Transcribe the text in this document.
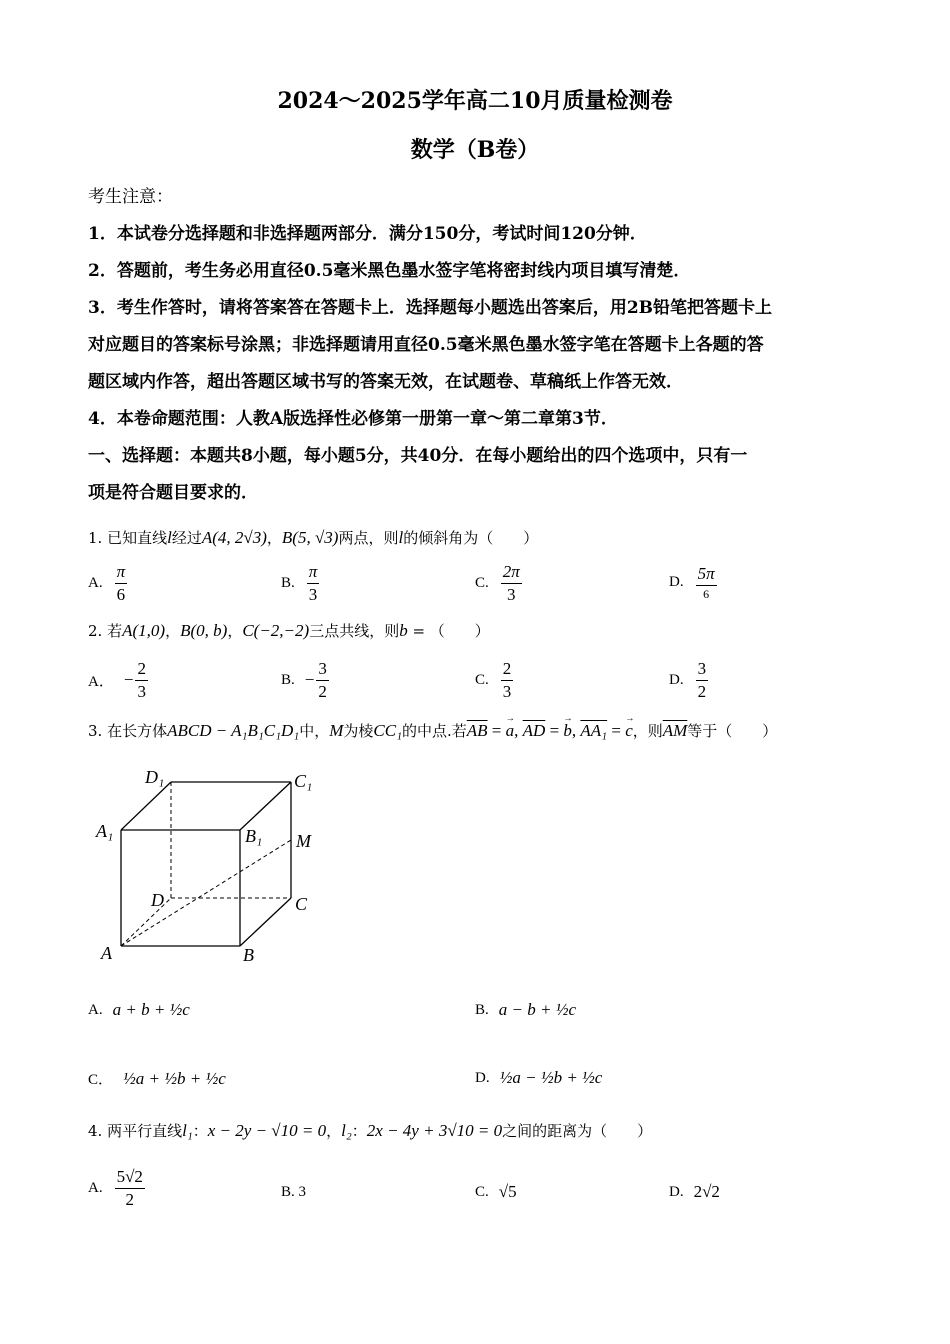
2024～2025学年高二10月质量检测卷
数学（B卷）
考生注意：
1．本试卷分选择题和非选择题两部分．满分150分，考试时间120分钟．
2．答题前，考生务必用直径0.5毫米黑色墨水签字笔将密封线内项目填写清楚．
3．考生作答时，请将答案答在答题卡上．选择题每小题选出答案后，用2B铅笔把答题卡上
对应题目的答案标号涂黑；非选择题请用直径0.5毫米黑色墨水签字笔在答题卡上各题的答
题区域内作答，超出答题区域书写的答案无效，在试题卷、草稿纸上作答无效．
4．本卷命题范围：人教A版选择性必修第一册第一章～第二章第3节．
一、选择题：本题共8小题，每小题5分，共40分．在每小题给出的四个选项中，只有一
项是符合题目要求的．
1. 已知直线l经过A(4, 2√3)，B(5, √3)两点，则l的倾斜角为（　　）
A. $\frac{\pi}{6}$	B. $\frac{\pi}{3}$	C. $\frac{2\pi}{3}$	D. $\frac{5\pi}{6}$
2. 若A(1,0)，B(0, b)，C(−2,−2)三点共线，则b = （　　）
A． − $\frac{2}{3}$	B. − $\frac{3}{2}$	C. $\frac{2}{3}$	D. $\frac{3}{2}$
3. 在长方体ABCD − A₁B₁C₁D₁中，M为棱CC₁的中点.若$\overline{AB}$ = → a, $\overline{AD}$ = → b, AA₁ = → c，则$\overline{AM}$等于（　　）
D₁	C₁
A₁	B₁ M
D	C
A	B
A. a + b + ½c	B. a − b + ½c
C． ½a + ½b + ½c	D. ½a − ½b + ½c
4. 两平行直线l₁：x − 2y − √10 = 0，l₂：2x − 4y + 3√10 = 0之间的距离为（　　）
A. $\frac{5√2}{2}$	B. 3	C. √5	D. 2√2
